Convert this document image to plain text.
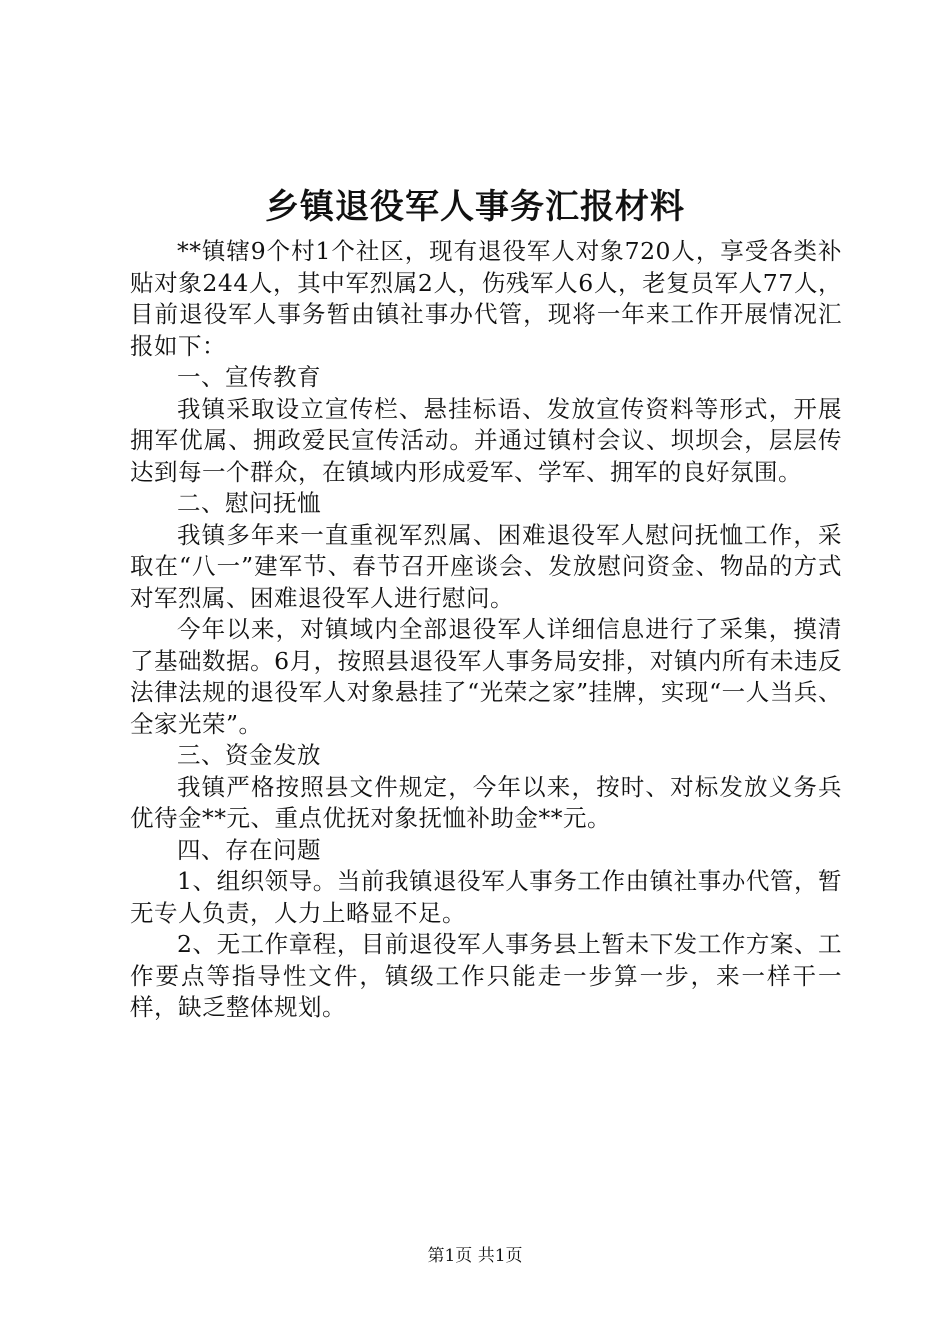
乡镇退役军人事务汇报材料

**镇辖9个村1个社区，现有退役军人对象720人，享受各类补贴对象244人，其中军烈属2人，伤残军人6人，老复员军人77人，目前退役军人事务暂由镇社事办代管，现将一年来工作开展情况汇报如下：

一、宣传教育

我镇采取设立宣传栏、悬挂标语、发放宣传资料等形式，开展拥军优属、拥政爱民宣传活动。并通过镇村会议、坝坝会，层层传达到每一个群众，在镇域内形成爱军、学军、拥军的良好氛围。

二、慰问抚恤

我镇多年来一直重视军烈属、困难退役军人慰问抚恤工作，采取在“八一”建军节、春节召开座谈会、发放慰问资金、物品的方式对军烈属、困难退役军人进行慰问。

今年以来，对镇域内全部退役军人详细信息进行了采集，摸清了基础数据。6月，按照县退役军人事务局安排，对镇内所有未违反法律法规的退役军人对象悬挂了“光荣之家”挂牌，实现“一人当兵、全家光荣”。

三、资金发放

我镇严格按照县文件规定，今年以来，按时、对标发放义务兵优待金**元、重点优抚对象抚恤补助金**元。

四、存在问题

1、组织领导。当前我镇退役军人事务工作由镇社事办代管，暂无专人负责，人力上略显不足。

2、无工作章程，目前退役军人事务县上暂未下发工作方案、工作要点等指导性文件，镇级工作只能走一步算一步，来一样干一样，缺乏整体规划。

第1页 共1页
